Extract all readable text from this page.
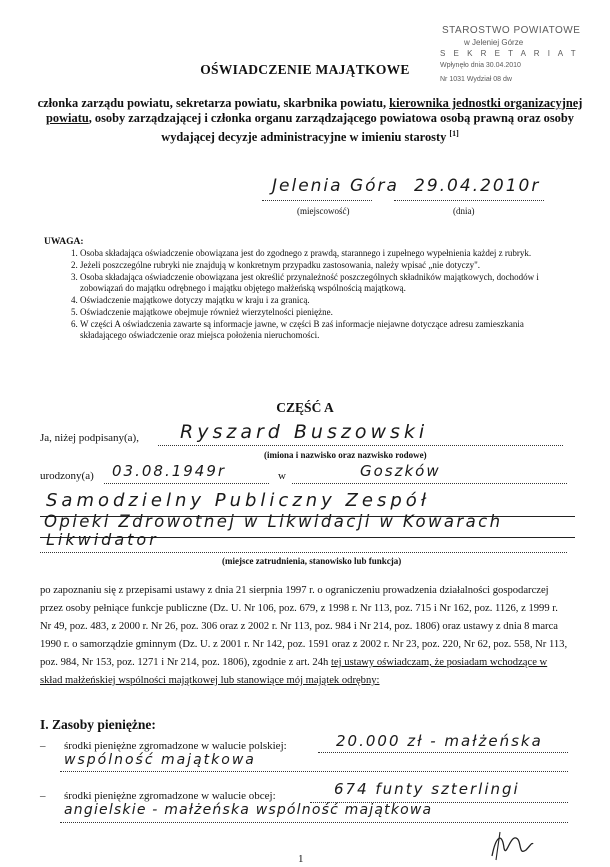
STAROSTWO POWIATOWE
w Jeleniej Górze
S E K R E T A R I A T
Wpłynęło dnia 30.04.2010
Nr 1031 Wydział 08 dw
OŚWIADCZENIE MAJĄTKOWE
członka zarządu powiatu, sekretarza powiatu, skarbnika powiatu, kierownika jednostki organizacyjnej powiatu, osoby zarządzającej i członka organu zarządzającego powiatowa osobą prawną oraz osoby wydającej decyzje administracyjne w imieniu starosty [1]
Jelenia Góra 29.04.2010r
(miejscowość)	(dnia)
UWAGA:
1. Osoba składająca oświadczenie obowiązana jest do zgodnego z prawdą, starannego i zupełnego wypełnienia każdej z rubryk.
2. Jeżeli poszczególne rubryki nie znajdują w konkretnym przypadku zastosowania, należy wpisać „nie dotyczy".
3. Osoba składająca oświadczenie obowiązana jest określić przynależność poszczególnych składników majątkowych, dochodów i zobowiązań do majątku odrębnego i majątku objętego małżeńską wspólnością majątkową.
4. Oświadczenie majątkowe dotyczy majątku w kraju i za granicą.
5. Oświadczenie majątkowe obejmuje również wierzytelności pieniężne.
6. W części A oświadczenia zawarte są informacje jawne, w części B zaś informacje niejawne dotyczące adresu zamieszkania składającego oświadczenie oraz miejsca położenia nieruchomości.
CZĘŚĆ A
Ja, niżej podpisany(a), Ryszard Buszowski
(imiona i nazwisko oraz nazwisko rodowe)
urodzony(a) 03.08.1949r	w	Goszków
Samodzielny Publiczny Zespół
Opieki Zdrowotnej w Likwidacji w Kowarach
Likwidator
(miejsce zatrudnienia, stanowisko lub funkcja)
po zapoznaniu się z przepisami ustawy z dnia 21 sierpnia 1997 r. o ograniczeniu prowadzenia działalności gospodarczej przez osoby pełniące funkcje publiczne (Dz. U. Nr 106, poz. 679, z 1998 r. Nr 113, poz. 715 i Nr 162, poz. 1126, z 1999 r. Nr 49, poz. 483, z 2000 r. Nr 26, poz. 306 oraz z 2002 r. Nr 113, poz. 984 i Nr 214, poz. 1806) oraz ustawy z dnia 8 marca 1990 r. o samorządzie gminnym (Dz. U. z 2001 r. Nr 142, poz. 1591 oraz z 2002 r. Nr 23, poz. 220, Nr 62, poz. 558, Nr 113, poz. 984, Nr 153, poz. 1271 i Nr 214, poz. 1806), zgodnie z art. 24h tej ustawy oświadczam, że posiadam wchodzące w skład małżeńskiej wspólności majątkowej lub stanowiące mój majątek odrębny:
I. Zasoby pieniężne:
– środki pieniężne zgromadzone w walucie polskiej:	20.000 zł - małżeńska
wspólność majątkowa
– środki pieniężne zgromadzone w walucie obcej:	674 funty szterlingi
angielskie - małżeńska wspólność majątkowa
1
